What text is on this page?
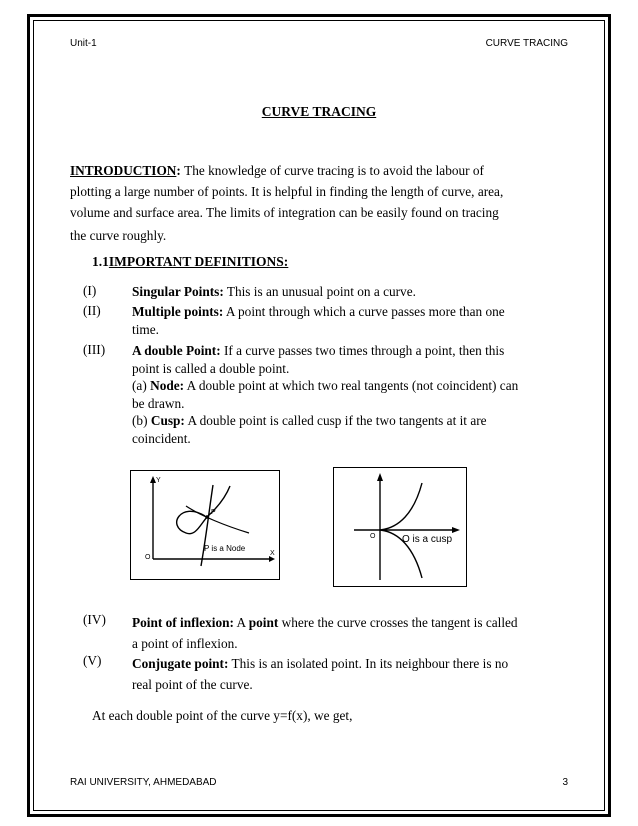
Unit-1	CURVE TRACING
CURVE TRACING
INTRODUCTION: The knowledge of curve tracing is to avoid the labour of
plotting a large number of points. It is helpful in finding the length of curve, area,
volume and surface area. The limits of integration can be easily found on tracing
the curve roughly.
1.1IMPORTANT DEFINITIONS:
(I)	Singular Points: This is an unusual point on a curve.
(II) Multiple points: A point through which a curve passes more than one
time.
(III) A double Point: If a curve passes two times through a point, then this
point is called a double point.
(a) Node: A double point at which two real tangents (not coincident) can
be drawn.
(b) Cusp: A double point is called cusp if the two tangents at it are
coincident.
Y
X
O
P
P is a Node
O	O is a cusp
(IV) Point of inflexion: A point where the curve crosses the tangent is called
a point of inflexion.
(V) Conjugate point: This is an isolated point. In its neighbour there is no
real point of the curve.
At each double point of the curve y=f(x), we get,
RAI UNIVERSITY, AHMEDABAD	3
